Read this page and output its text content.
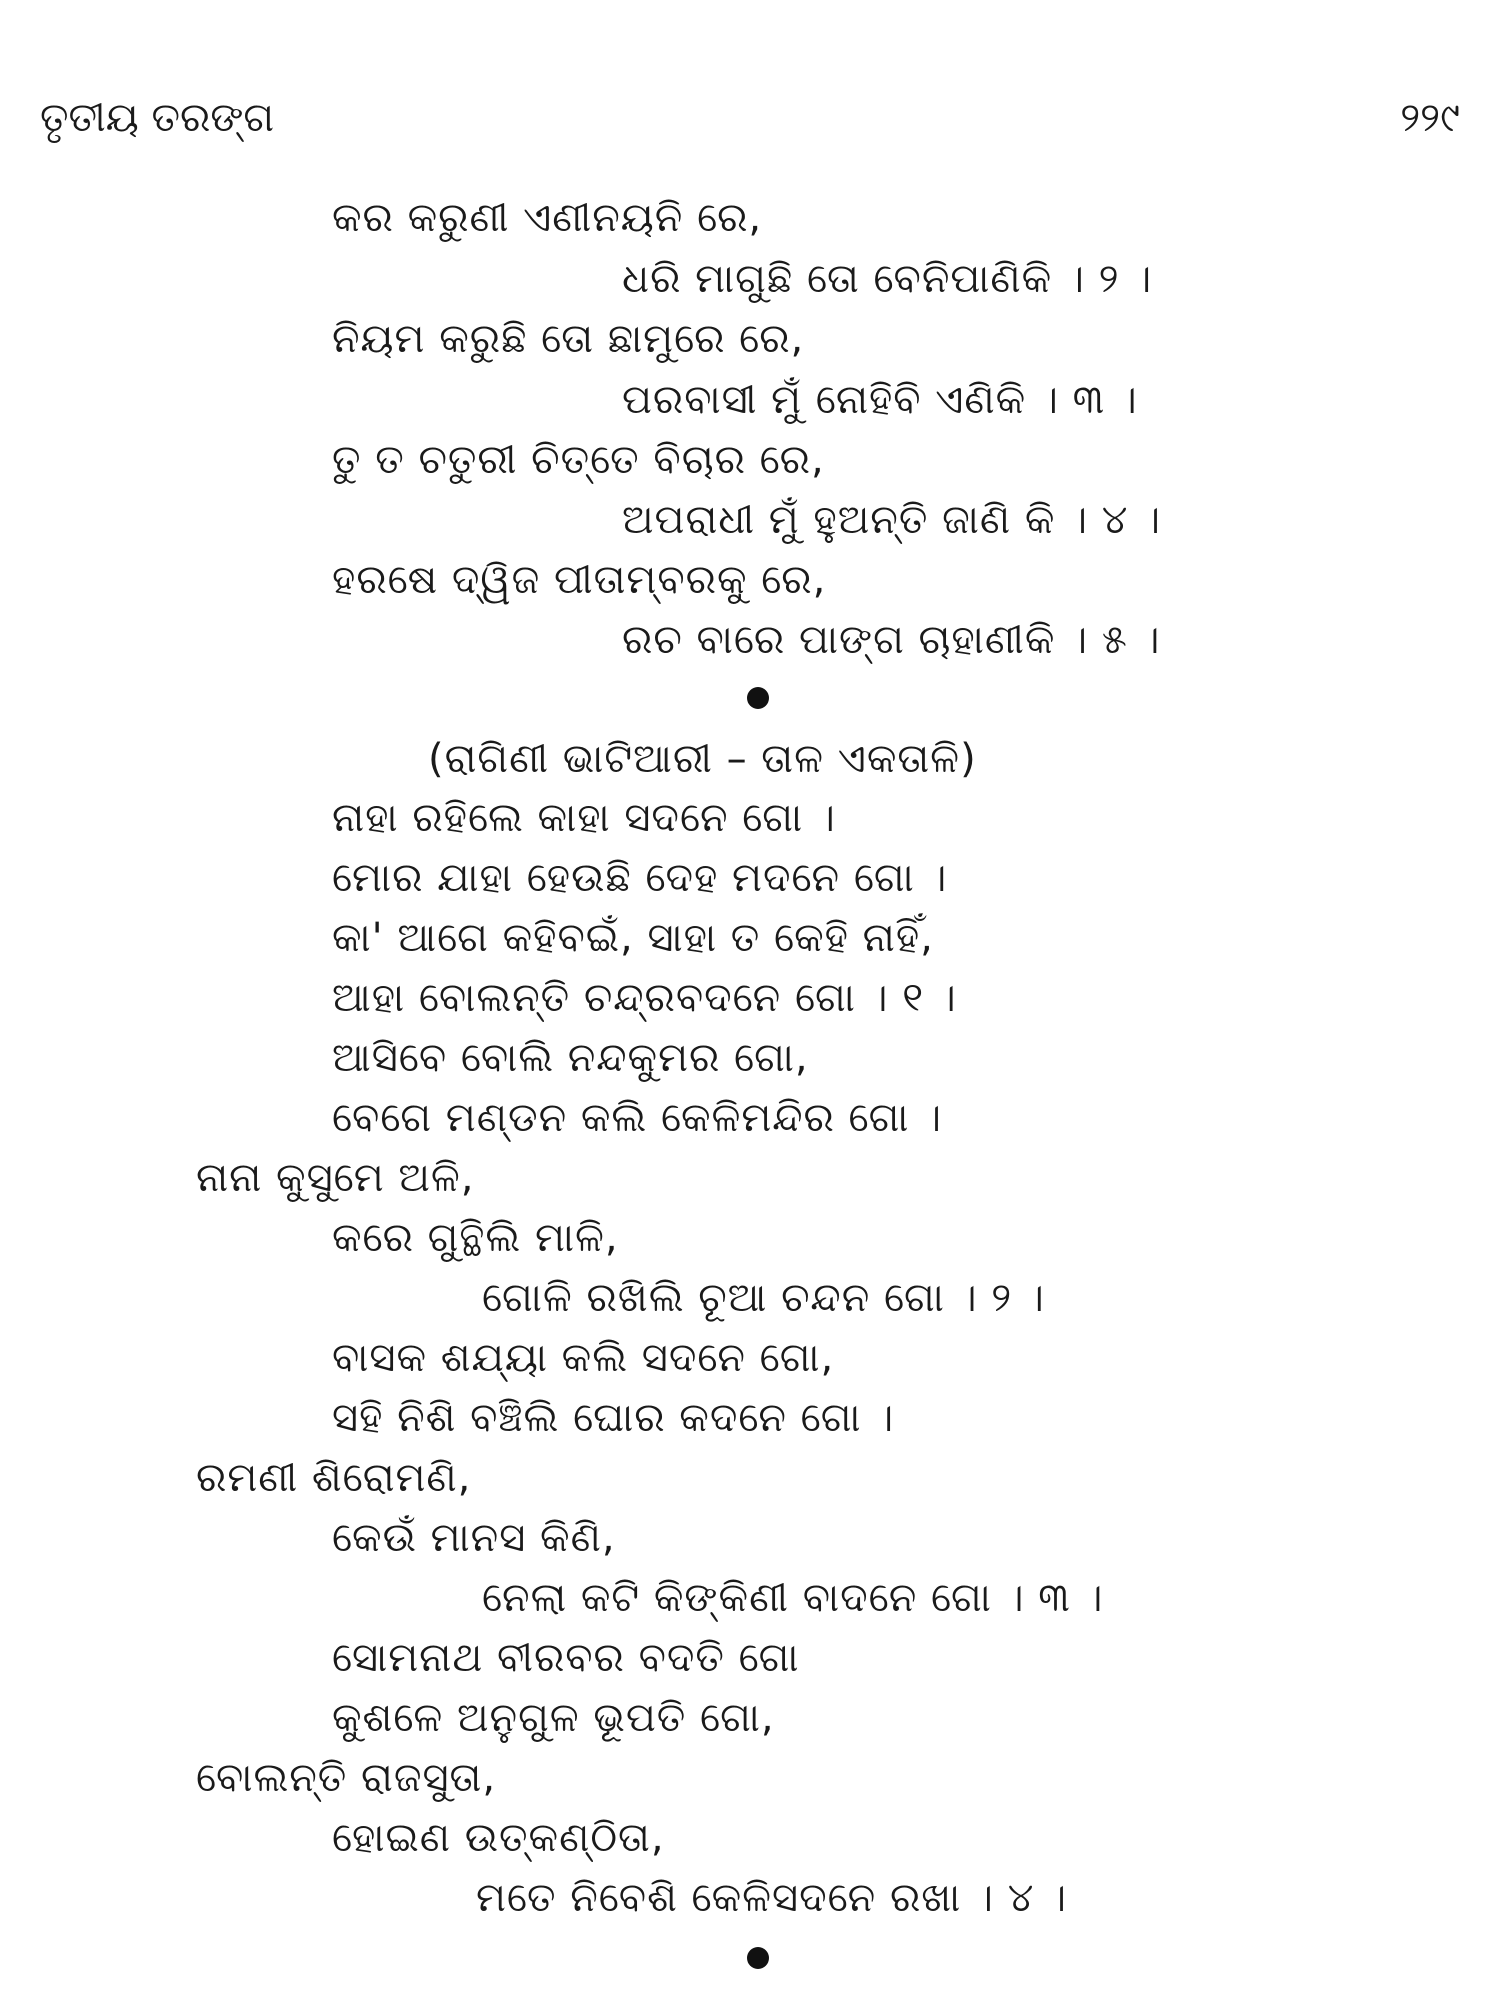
ତୃତୀୟ ତରଙ୍ଗ	୨୨୯
କର କରୁଣୀ ଏଣୀନୟନି ରେ,
ଧରି ମାଗୁଛି ତୋ ବେନିପାଣିକି । ୨ ।
ନିୟମ କରୁଛି ତୋ ଛାମୁରେ ରେ,
ପରବାସୀ ମୁଁ ନୋହିବି ଏଣିକି । ୩ ।
ତୁ ତ ଚତୁରୀ ଚିତ୍ତେ ବିଚାର ରେ,
ଅପରାଧୀ ମୁଁ ହୁଅନ୍ତି ଜାଣି କି । ୪ ।
ହରଷେ ଦ୍ୱିଜ ପୀତାମ୍ବରକୁ ରେ,
ରଚ ବାରେ ପାଙ୍ଗ ଚାହାଣୀକି । ୫ ।
(ରାଗିଣୀ ଭାଟିଆରୀ – ତାଳ ଏକତାଳି)
ନାହା ରହିଲେ କାହା ସଦନେ ଗୋ ।
ମୋର ଯାହା ହେଉଛି ଦେହ ମଦନେ ଗୋ ।
କା' ଆଗେ କହିବଇଁ, ସାହା ତ କେହି ନାହିଁ,
ଆହା ବୋଲନ୍ତି ଚନ୍ଦ୍ରବଦନେ ଗୋ । ୧ ।
ଆସିବେ ବୋଲି ନନ୍ଦକୁମର ଗୋ,
ବେଗେ ମଣ୍ଡନ କଲି କେଳିମନ୍ଦିର ଗୋ ।
ନାନା କୁସୁମେ ଅଳି,
କରେ ଗୁନ୍ଥିଲି ମାଳି,
ଗୋଳି ରଖିଲି ଚୂଆ ଚନ୍ଦନ ଗୋ । ୨ ।
ବାସକ ଶଯ୍ୟା କଲି ସଦନେ ଗୋ,
ସହି ନିଶି ବଞ୍ଚିଲି ଘୋର କଦନେ ଗୋ ।
ରମଣୀ ଶିରୋମଣି,
କେଉଁ ମାନସ କିଣି,
ନେଲା କଟି କିଙ୍କିଣୀ ବାଦନେ ଗୋ । ୩ ।
ସୋମନାଥ ବୀରବର ବଦତି ଗୋ
କୁଶଳେ ଅନୁଗୁଳ ଭୂପତି ଗୋ,
ବୋଲନ୍ତି ରାଜସୁତା,
ହୋଇଣ ଉତ୍କଣ୍ଠିତା,
ମତେ ନିବେଶି କେଳିସଦନେ ରଖା । ୪ ।
